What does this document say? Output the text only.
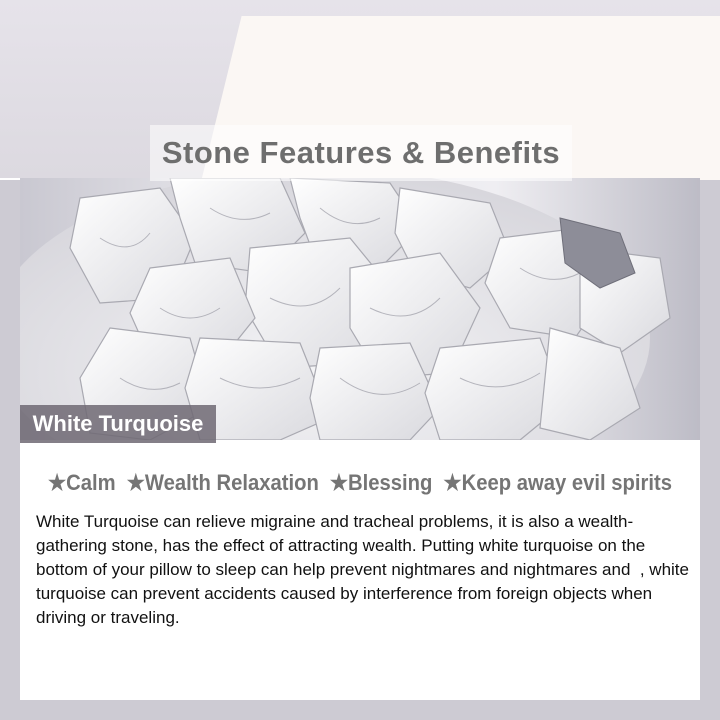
Stone Features & Benefits
White Turquoise
★Calm ★Wealth Relaxation ★Blessing ★Keep away evil spirits
White Turquoise can relieve migraine and tracheal problems, it is also a wealth-gathering stone, has the effect of attracting wealth. Putting white turquoise on the bottom of your pillow to sleep can help prevent nightmares and nightmares and  , white turquoise can prevent accidents caused by interference from foreign objects when driving or traveling.
